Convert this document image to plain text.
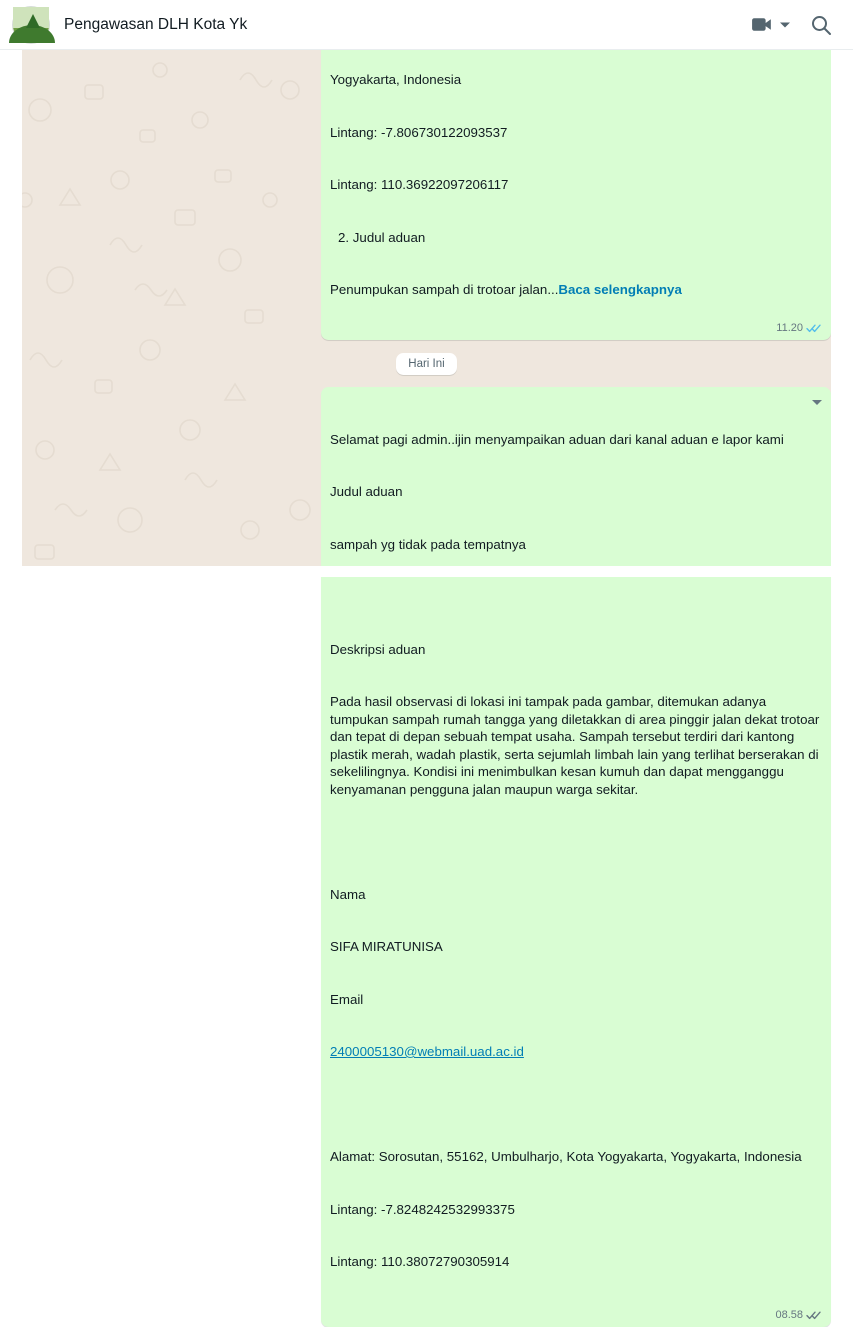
Pengawasan DLH Kota Yk

Yogyakarta, Indonesia

Lintang: -7.806730122093537

Lintang: 110.36922097206117

2. Judul aduan

Penumpukan sampah di trotoar jalan...Baca selengkapnya

11.20
Hari Ini

Selamat pagi admin..ijin menyampaikan aduan dari kanal aduan e lapor kami

Judul aduan

sampah yg tidak pada tempatnya

Deskripsi aduan

Pada hasil observasi di lokasi ini tampak pada gambar, ditemukan adanya tumpukan sampah rumah tangga yang diletakkan di area pinggir jalan dekat trotoar dan tepat di depan sebuah tempat usaha. Sampah tersebut terdiri dari kantong plastik merah, wadah plastik, serta sejumlah limbah lain yang terlihat berserakan di sekelilingnya. Kondisi ini menimbulkan kesan kumuh dan dapat mengganggu kenyamanan pengguna jalan maupun warga sekitar.

Nama

SIFA MIRATUNISA

Email

2400005130@webmail.uad.ac.id

Alamat: Sorosutan, 55162, Umbulharjo, Kota Yogyakarta, Yogyakarta, Indonesia

Lintang: -7.8248242532993375

Lintang: 110.38072790305914

08.58
